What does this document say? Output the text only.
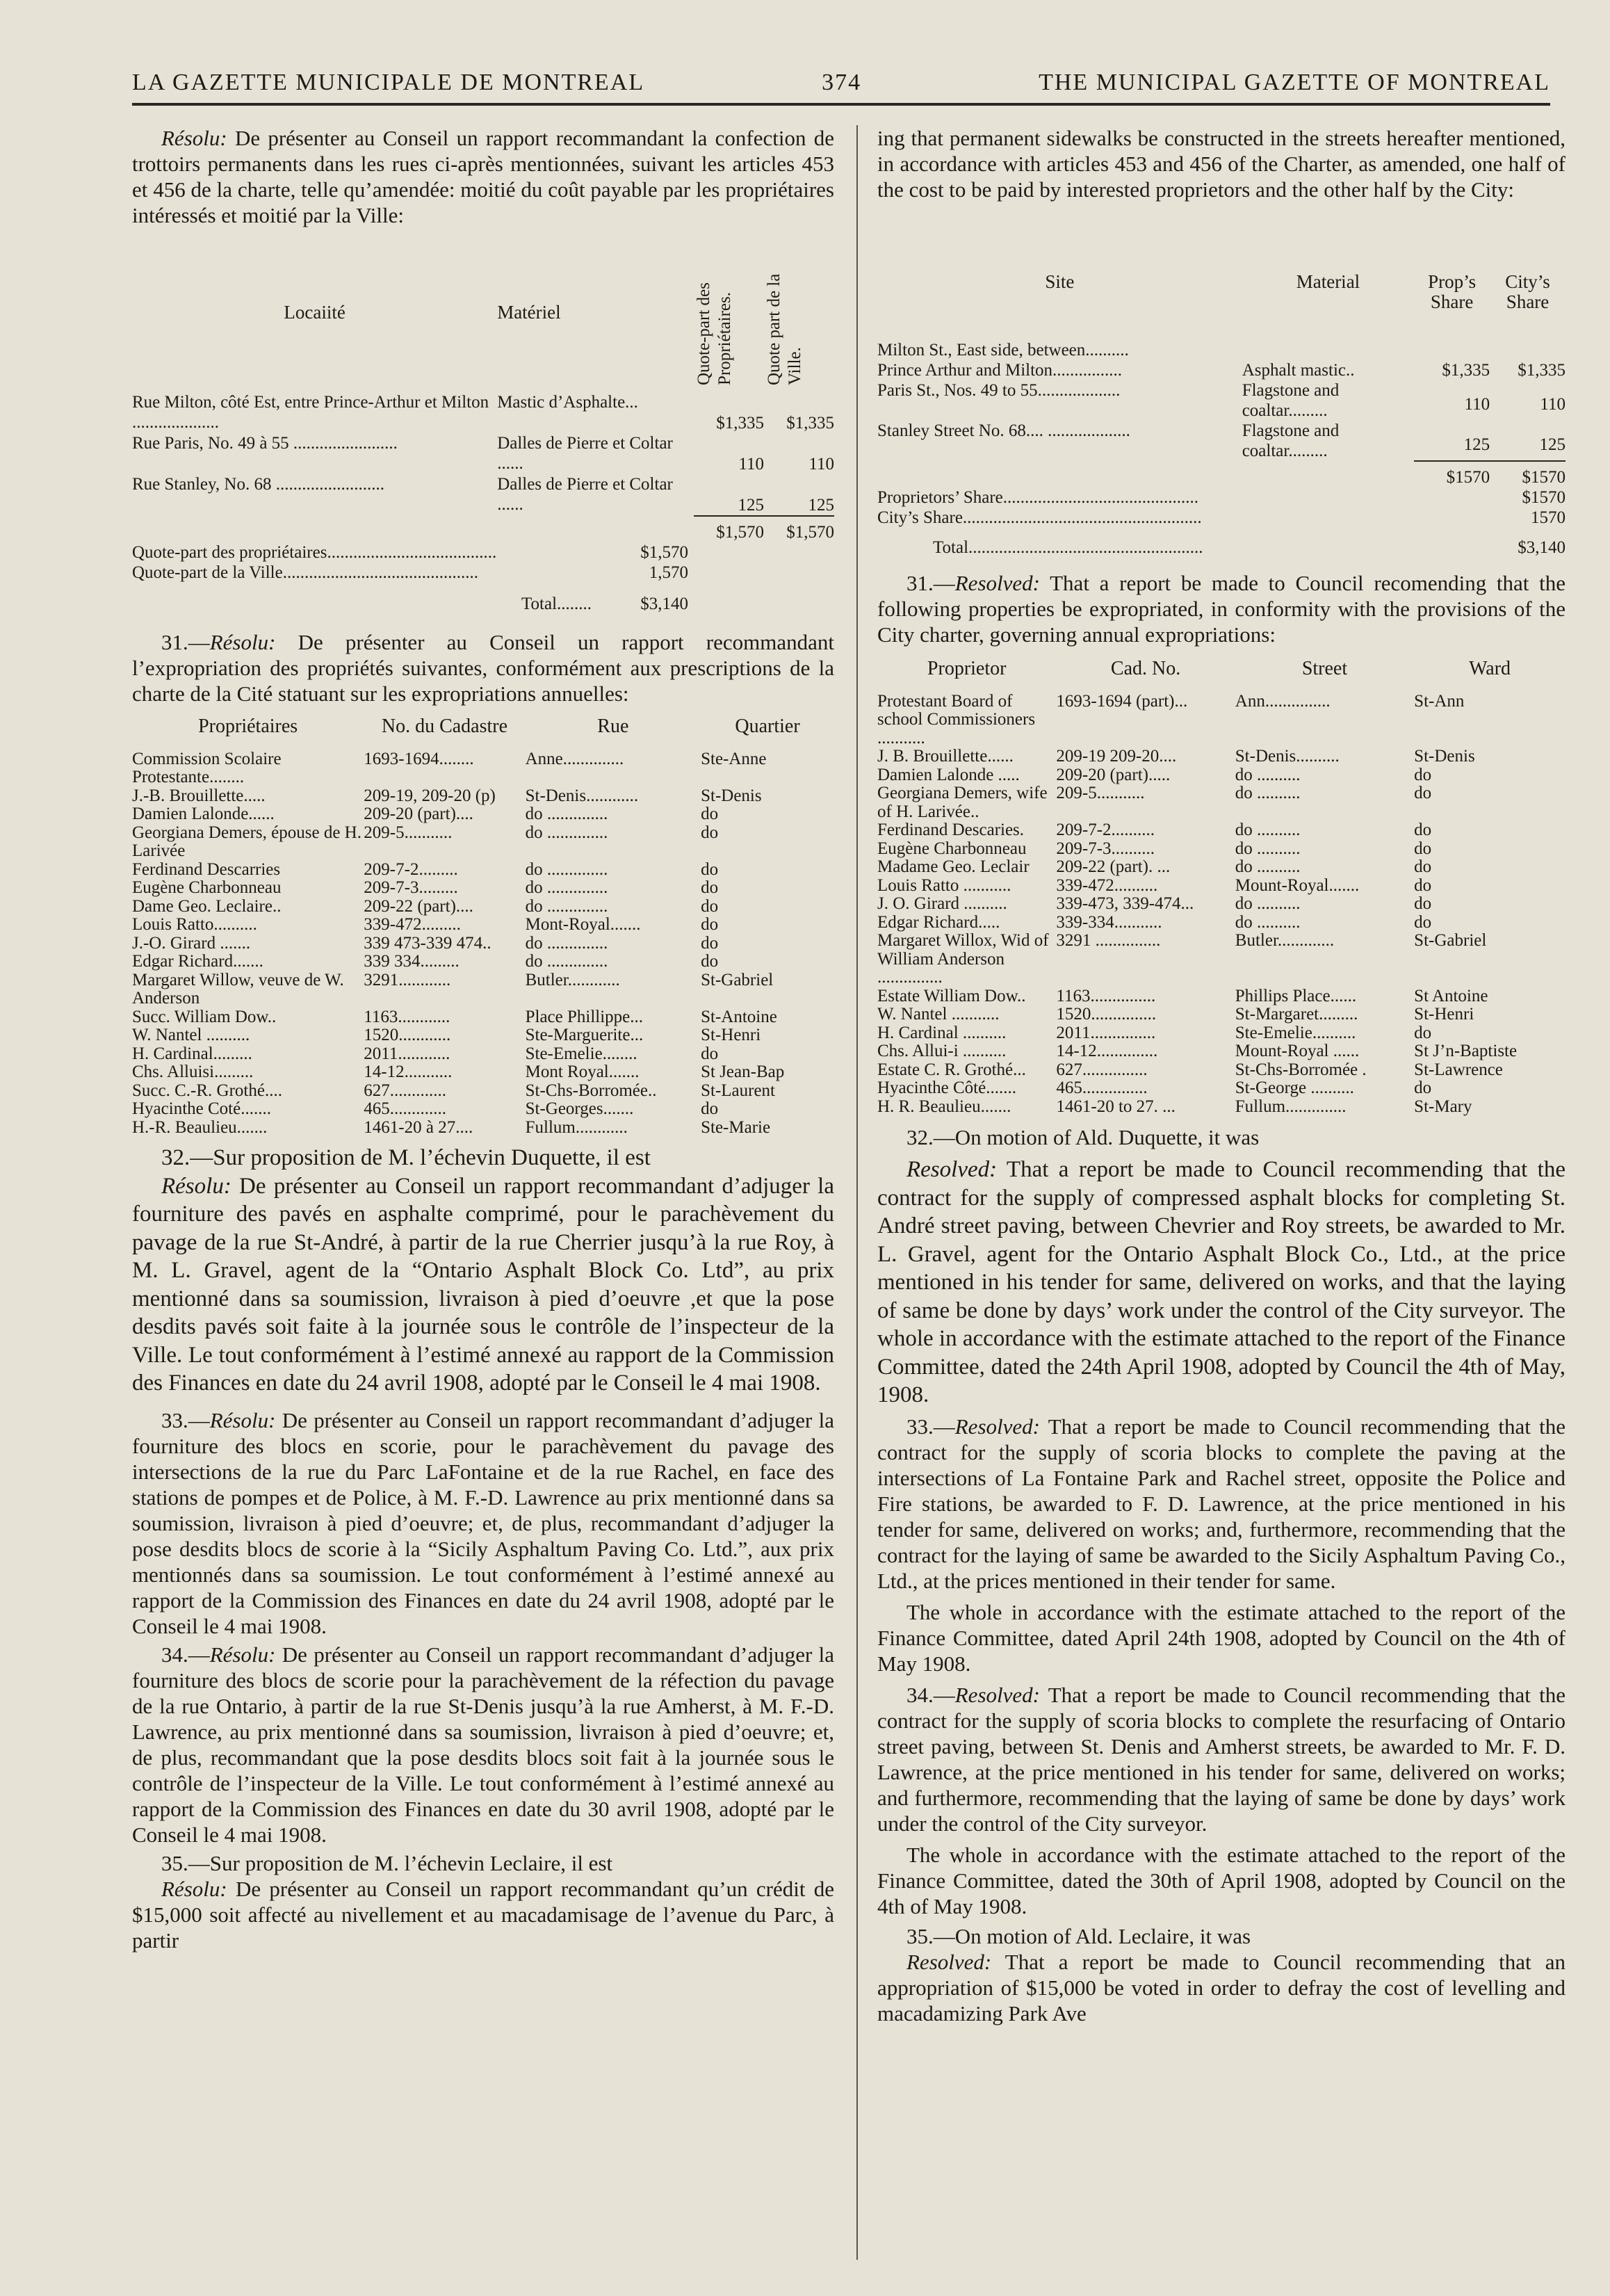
LA GAZETTE MUNICIPALE DE MONTREAL	374	THE MUNICIPAL GAZETTE OF MONTREAL

Résolu: De présenter au Conseil un rapport recommandant la confection de trottoirs permanents dans les rues ci-après mentionnées, suivant les articles 453 et 456 de la charte, telle qu’amendée: moitié du coût payable par les propriétaires intéressés et moitié par la Ville:

Locaiité	Matériel	Quote-part des Propriétaires.	Quote part de la Ville.

Rue Milton, côté Est, entre Prince-Arthur et Milton ....................	Mastic d’Asphalte...	$1,335	$1,335
Rue Paris, No. 49 à 55 ........................	Dalles de Pierre et Coltar ......	110	110
Rue Stanley, No. 68 .........................	Dalles de Pierre et Coltar ......	125	125
		$1,570	$1,570
Quote-part des propriétaires.......................................	$1,570
Quote-part de la Ville.............................................	1,570
Total........	$3,140

31.—Résolu: De présenter au Conseil un rapport recommandant l’expropriation des propriétés suivantes, conformément aux prescriptions de la charte de la Cité statuant sur les expropriations annuelles:

Propriétaires	No. du Cadastre	Rue	Quartier
Commission Scolaire Protestante........	1693-1694........	Anne..............	Ste-Anne
J.-B. Brouillette.....	209-19, 209-20 (p)	St-Denis............	St-Denis
Damien Lalonde......	209-20 (part)....	do ..............	do
Georgiana Demers, épouse de H. Larivée	209-5...........	do ..............	do
Ferdinand Descarries	209-7-2.........	do ..............	do
Eugène Charbonneau	209-7-3.........	do ..............	do
Dame Geo. Leclaire..	209-22 (part)....	do ..............	do
Louis Ratto..........	339-472.........	Mont-Royal.......	do
J.-O. Girard .......	339 473-339 474..	do ..............	do
Edgar Richard.......	339 334.........	do ..............	do
Margaret Willow, veuve de W. Anderson	3291............	Butler............	St-Gabriel
Succ. William Dow..	1163............	Place Phillippe...	St-Antoine
W. Nantel ..........	1520............	Ste-Marguerite...	St-Henri
H. Cardinal.........	2011............	Ste-Emelie........	do
Chs. Alluisi.........	14-12...........	Mont Royal.......	St Jean-Bap
Succ. C.-R. Grothé....	627.............	St-Chs-Borromée..	St-Laurent
Hyacinthe Coté.......	465.............	St-Georges.......	do
H.-R. Beaulieu.......	1461-20 à 27....	Fullum............	Ste-Marie

32.—Sur proposition de M. l’échevin Duquette, il est

Résolu: De présenter au Conseil un rapport recommandant d’adjuger la fourniture des pavés en asphalte comprimé, pour le parachèvement du pavage de la rue St-André, à partir de la rue Cherrier jusqu’à la rue Roy, à M. L. Gravel, agent de la “Ontario Asphalt Block Co. Ltd”, au prix mentionné dans sa soumission, livraison à pied d’oeuvre ,et que la pose desdits pavés soit faite à la journée sous le contrôle de l’inspecteur de la Ville. Le tout conformément à l’estimé annexé au rapport de la Commission des Finances en date du 24 avril 1908, adopté par le Conseil le 4 mai 1908.

33.—Résolu: De présenter au Conseil un rapport recommandant d’adjuger la fourniture des blocs en scorie, pour le parachèvement du pavage des intersections de la rue du Parc LaFontaine et de la rue Rachel, en face des stations de pompes et de Police, à M. F.-D. Lawrence au prix mentionné dans sa soumission, livraison à pied d’oeuvre; et, de plus, recommandant d’adjuger la pose desdits blocs de scorie à la “Sicily Asphaltum Paving Co. Ltd.”, aux prix mentionnés dans sa soumission. Le tout conformément à l’estimé annexé au rapport de la Commission des Finances en date du 24 avril 1908, adopté par le Conseil le 4 mai 1908.

34.—Résolu: De présenter au Conseil un rapport recommandant d’adjuger la fourniture des blocs de scorie pour la parachèvement de la réfection du pavage de la rue Ontario, à partir de la rue St-Denis jusqu’à la rue Amherst, à M. F.-D. Lawrence, au prix mentionné dans sa soumission, livraison à pied d’oeuvre; et, de plus, recommandant que la pose desdits blocs soit fait à la journée sous le contrôle de l’inspecteur de la Ville. Le tout conformément à l’estimé annexé au rapport de la Commission des Finances en date du 30 avril 1908, adopté par le Conseil le 4 mai 1908.

35.—Sur proposition de M. l’échevin Leclaire, il est

Résolu: De présenter au Conseil un rapport recommandant qu’un crédit de $15,000 soit affecté au nivellement et au macadamisage de l’avenue du Parc, à partir

ing that permanent sidewalks be constructed in the streets hereafter mentioned, in accordance with articles 453 and 456 of the Charter, as amended, one half of the cost to be paid by interested proprietors and the other half by the City:

Site	Material	Prop’s Share	City’s Share

Milton St., East side, between..........			
Prince Arthur and Milton................	Asphalt mastic..	$1,335	$1,335
Paris St., Nos. 49 to 55...................	Flagstone and coaltar.........	110	110
Stanley Street No. 68.... ...................	Flagstone and coaltar.........	125	125
		$1570	$1570
Proprietors’ Share.............................................	$1570
City’s Share.......................................................	1570
Total......................................................	$3,140

31.—Resolved: That a report be made to Council recomending that the following properties be expropriated, in conformity with the provisions of the City charter, governing annual expropriations:

Proprietor	Cad. No.	Street	Ward
Protestant Board of school Commissioners ...........	1693-1694 (part)...	Ann...............	St-Ann
J. B. Brouillette......	209-19 209-20....	St-Denis..........	St-Denis
Damien Lalonde .....	209-20 (part).....	do ..........	do
Georgiana Demers, wife of H. Larivée..	209-5...........	do ..........	do
Ferdinand Descaries.	209-7-2..........	do ..........	do
Eugène Charbonneau	209-7-3..........	do ..........	do
Madame Geo. Leclair	209-22 (part). ...	do ..........	do
Louis Ratto ...........	339-472..........	Mount-Royal.......	do
J. O. Girard ..........	339-473, 339-474...	do ..........	do
Edgar Richard.....	339-334...........	do ..........	do
Margaret Willox, Wid of William Anderson ...............	3291 ...............	Butler.............	St-Gabriel
Estate William Dow..	1163...............	Phillips Place......	St Antoine
W. Nantel ...........	1520...............	St-Margaret.........	St-Henri
H. Cardinal ..........	2011...............	Ste-Emelie..........	do
Chs. Allui-i ..........	14-12..............	Mount-Royal ......	St J’n-Baptiste
Estate C. R. Grothé...	627...............	St-Chs-Borromée .	St-Lawrence
Hyacinthe Côté.......	465...............	St-George ..........	do
H. R. Beaulieu.......	1461-20 to 27. ...	Fullum..............	St-Mary

32.—On motion of Ald. Duquette, it was

Resolved: That a report be made to Council recommending that the contract for the supply of compressed asphalt blocks for completing St. André street paving, between Chevrier and Roy streets, be awarded to Mr. L. Gravel, agent for the Ontario Asphalt Block Co., Ltd., at the price mentioned in his tender for same, delivered on works, and that the laying of same be done by days’ work under the control of the City surveyor. The whole in accordance with the estimate attached to the report of the Finance Committee, dated the 24th April 1908, adopted by Council the 4th of May, 1908.

33.—Resolved: That a report be made to Council recommending that the contract for the supply of scoria blocks to complete the paving at the intersections of La Fontaine Park and Rachel street, opposite the Police and Fire stations, be awarded to F. D. Lawrence, at the price mentioned in his tender for same, delivered on works; and, furthermore, recommending that the contract for the laying of same be awarded to the Sicily Asphaltum Paving Co., Ltd., at the prices mentioned in their tender for same.

The whole in accordance with the estimate attached to the report of the Finance Committee, dated April 24th 1908, adopted by Council on the 4th of May 1908.

34.—Resolved: That a report be made to Council recommending that the contract for the supply of scoria blocks to complete the resurfacing of Ontario street paving, between St. Denis and Amherst streets, be awarded to Mr. F. D. Lawrence, at the price mentioned in his tender for same, delivered on works; and furthermore, recommending that the laying of same be done by days’ work under the control of the City surveyor.

The whole in accordance with the estimate attached to the report of the Finance Committee, dated the 30th of April 1908, adopted by Council on the 4th of May 1908.

35.—On motion of Ald. Leclaire, it was

Resolved: That a report be made to Council recommending that an appropriation of $15,000 be voted in order to defray the cost of levelling and macadamizing Park Ave
